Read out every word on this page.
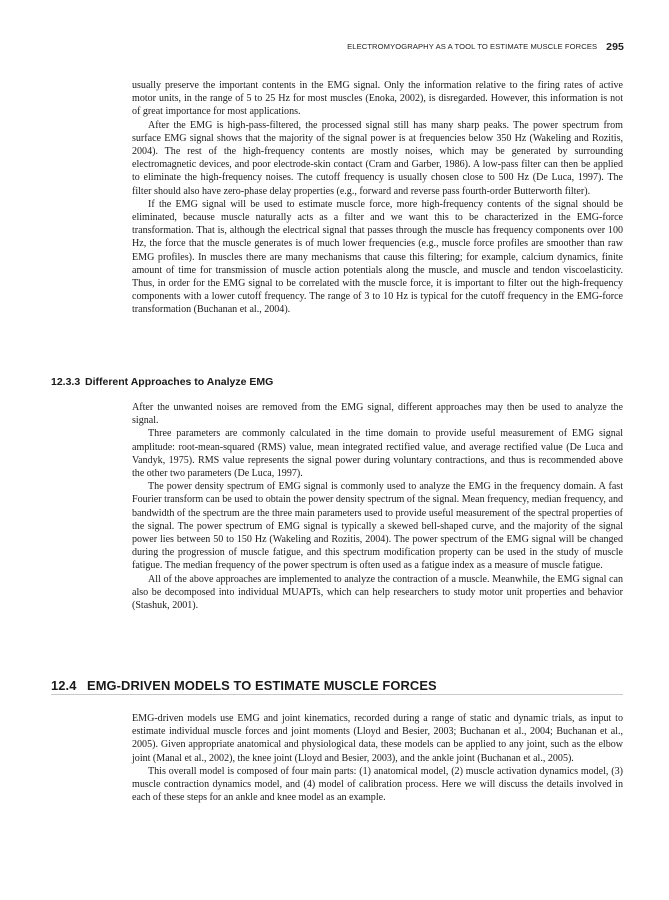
ELECTROMYOGRAPHY AS A TOOL TO ESTIMATE MUSCLE FORCES 295

usually preserve the important contents in the EMG signal. Only the information relative to the firing rates of active motor units, in the range of 5 to 25 Hz for most muscles (Enoka, 2002), is disregarded. However, this information is not of great importance for most applications.

After the EMG is high-pass-filtered, the processed signal still has many sharp peaks. The power spectrum from surface EMG signal shows that the majority of the signal power is at frequencies below 350 Hz (Wakeling and Rozitis, 2004). The rest of the high-frequency contents are mostly noises, which may be generated by surrounding electromagnetic devices, and poor electrode-skin contact (Cram and Garber, 1986). A low-pass filter can then be applied to eliminate the high-frequency noises. The cutoff frequency is usually chosen close to 500 Hz (De Luca, 1997). The filter should also have zero-phase delay properties (e.g., forward and reverse pass fourth-order Butterworth filter).

If the EMG signal will be used to estimate muscle force, more high-frequency contents of the signal should be eliminated, because muscle naturally acts as a filter and we want this to be characterized in the EMG-force transformation. That is, although the electrical signal that passes through the muscle has frequency components over 100 Hz, the force that the muscle generates is of much lower frequencies (e.g., muscle force profiles are smoother than raw EMG profiles). In muscles there are many mechanisms that cause this filtering; for example, calcium dynamics, finite amount of time for transmission of muscle action potentials along the muscle, and muscle and tendon viscoelasticity. Thus, in order for the EMG signal to be correlated with the muscle force, it is important to filter out the high-frequency components with a lower cutoff frequency. The range of 3 to 10 Hz is typical for the cutoff frequency in the EMG-force transformation (Buchanan et al., 2004).

12.3.3 Different Approaches to Analyze EMG

After the unwanted noises are removed from the EMG signal, different approaches may then be used to analyze the signal.

Three parameters are commonly calculated in the time domain to provide useful measurement of EMG signal amplitude: root-mean-squared (RMS) value, mean integrated rectified value, and average rectified value (De Luca and Vandyk, 1975). RMS value represents the signal power during voluntary contractions, and thus is recommended above the other two parameters (De Luca, 1997).

The power density spectrum of EMG signal is commonly used to analyze the EMG in the frequency domain. A fast Fourier transform can be used to obtain the power density spectrum of the signal. Mean frequency, median frequency, and bandwidth of the spectrum are the three main parameters used to provide useful measurement of the spectral properties of the signal. The power spectrum of EMG signal is typically a skewed bell-shaped curve, and the majority of the signal power lies between 50 to 150 Hz (Wakeling and Rozitis, 2004). The power spectrum of the EMG signal will be changed during the progression of muscle fatigue, and this spectrum modification property can be used in the study of muscle fatigue. The median frequency of the power spectrum is often used as a fatigue index as a measure of muscle fatigue.

All of the above approaches are implemented to analyze the contraction of a muscle. Meanwhile, the EMG signal can also be decomposed into individual MUAPTs, which can help researchers to study motor unit properties and behavior (Stashuk, 2001).

12.4 EMG-DRIVEN MODELS TO ESTIMATE MUSCLE FORCES

EMG-driven models use EMG and joint kinematics, recorded during a range of static and dynamic trials, as input to estimate individual muscle forces and joint moments (Lloyd and Besier, 2003; Buchanan et al., 2004; Buchanan et al., 2005). Given appropriate anatomical and physiological data, these models can be applied to any joint, such as the elbow joint (Manal et al., 2002), the knee joint (Lloyd and Besier, 2003), and the ankle joint (Buchanan et al., 2005).

This overall model is composed of four main parts: (1) anatomical model, (2) muscle activation dynamics model, (3) muscle contraction dynamics model, and (4) model of calibration process. Here we will discuss the details involved in each of these steps for an ankle and knee model as an example.
